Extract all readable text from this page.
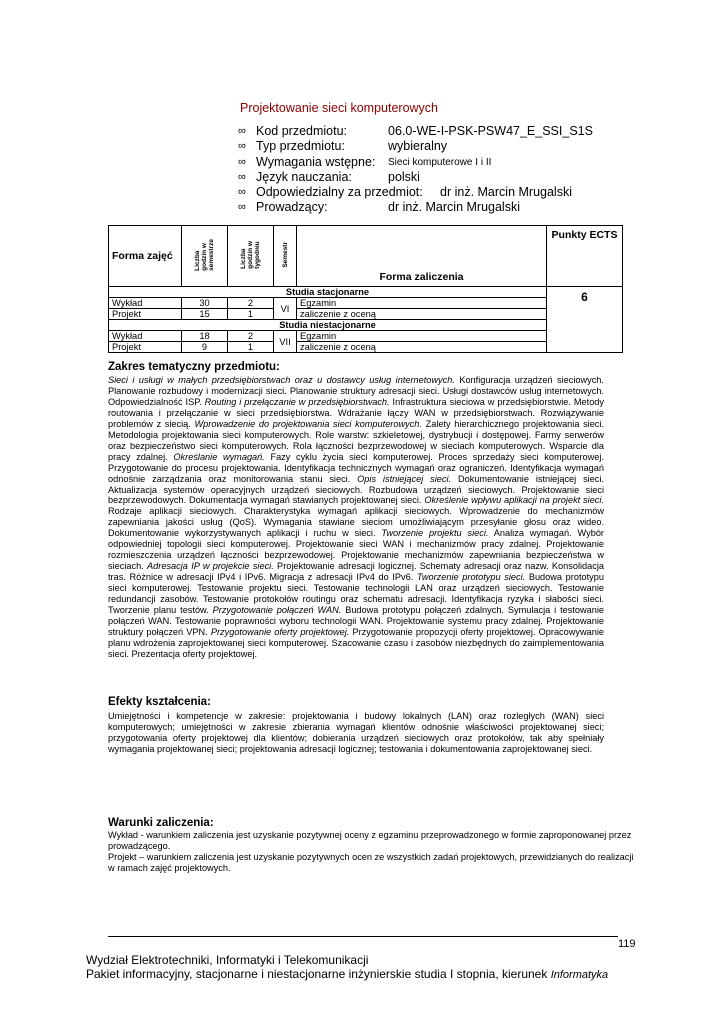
Projektowanie sieci komputerowych
∞ Kod przedmiotu:	06.0-WE-I-PSK-PSW47_E_SSI_S1S
∞ Typ przedmiotu:	wybieralny
∞ Wymagania wstępne: Sieci komputerowe I i II
∞ Język nauczania:	polski
∞ Odpowiedzialny za przedmiot: dr inż. Marcin Mrugalski
∞ Prowadzący:	dr inż. Marcin Mrugalski
Forma zajęć	Liczba
godzin w
semestrze	Liczba
godzin w
tygodniu	Semestr	Forma zaliczenia	Punkty ECTS
Studia stacjonarne					6
Wykład	30	2	VI	Egzamin	
Projekt	15	1		zaliczenie z oceną	
Studia niestacjonarne					
Wykład	18	2	VII	Egzamin	
Projekt	9	1		zaliczenie z oceną	
Zakres tematyczny przedmiotu:
Sieci i usługi w małych przedsiębiorstwach oraz u dostawcy usług internetowych. Konfiguracja urządzeń sieciowych. Planowanie rozbudowy i modernizacji sieci. Planowanie struktury adresacji sieci. Usługi dostawców usług internetowych. Odpowiedzialność ISP. Routing i przełączanie w przedsiębiorstwach. Infrastruktura sieciowa w przedsiębiorstwie. Metody routowania i przełączanie w sieci przedsiębiorstwa. Wdrażanie łączy WAN w przedsiębiorstwach. Rozwiązywanie problemów z siecią. Wprowadzenie do projektowania sieci komputerowych. Zalety hierarchicznego projektowania sieci. Metodologia projektowania sieci komputerowych. Role warstw: szkieletowej, dystrybucji i dostępowej. Farmy serwerów oraz bezpieczeństwo sieci komputerowych. Rola łączności bezprzewodowej w sieciach komputerowych. Wsparcie dla pracy zdalnej. Określanie wymagań. Fazy cyklu życia sieci komputerowej. Proces sprzedaży sieci komputerowej. Przygotowanie do procesu projektowania. Identyfikacja technicznych wymagań oraz ograniczeń. Identyfikacja wymagań odnośnie zarządzania oraz monitorowania stanu sieci. Opis istniejącej sieci. Dokumentowanie istniejącej sieci. Aktualizacja systemów operacyjnych urządzeń sieciowych. Rozbudowa urządzeń sieciowych. Projektowanie sieci bezprzewodowych. Dokumentacja wymagań stawianych projektowanej sieci. Określenie wpływu aplikacji na projekt sieci. Rodzaje aplikacji sieciowych. Charakterystyka wymagań aplikacji sieciowych. Wprowadzenie do mechanizmów zapewniania jakości usług (QoS). Wymagania stawiane sieciom umożliwiającym przesyłanie głosu oraz wideo. Dokumentowanie wykorzystywanych aplikacji i ruchu w sieci. Tworzenie projektu sieci. Analiza wymagań. Wybór odpowiedniej topologii sieci komputerowej. Projektowanie sieci WAN i mechanizmów pracy zdalnej. Projektowanie rozmieszczenia urządzeń łączności bezprzewodowej. Projektowanie mechanizmów zapewniania bezpieczeństwa w sieciach. Adresacja IP w projekcie sieci. Projektowanie adresacji logicznej. Schematy adresacji oraz nazw. Konsolidacja tras. Różnice w adresacji IPv4 i IPv6. Migracja z adresacji IPv4 do IPv6. Tworzenie prototypu sieci. Budowa prototypu sieci komputerowej. Testowanie projektu sieci. Testowanie technologii LAN oraz urządzeń sieciowych. Testowanie redundancji zasobów. Testowanie protokołów routingu oraz schematu adresacji. Identyfikacja ryzyka i słabości sieci. Tworzenie planu testów. Przygotowanie połączeń WAN. Budowa prototypu połączeń zdalnych. Symulacja i testowanie połączeń WAN. Testowanie poprawności wyboru technologii WAN. Projektowanie systemu pracy zdalnej. Projektowanie struktury połączeń VPN. Przygotowanie oferty projektowej. Przygotowanie propozycji oferty projektowej. Opracowywanie planu wdrożenia zaprojektowanej sieci komputerowej. Szacowanie czasu i zasobów niezbędnych do zaimplementowania sieci. Prezentacja oferty projektowej.
Efekty kształcenia:
Umiejętności i kompetencje w zakresie: projektowania i budowy lokalnych (LAN) oraz rozległych (WAN) sieci komputerowych; umiejętności w zakresie zbierania wymagań klientów odnośnie właściwości projektowanej sieci; przygotowania oferty projektowej dla klientów; dobierania urządzeń sieciowych oraz protokołów, tak aby spełniały wymagania projektowanej sieci; projektowania adresacji logicznej; testowania i dokumentowania zaprojektowanej sieci.
Warunki zaliczenia:
Wykład - warunkiem zaliczenia jest uzyskanie pozytywnej oceny z egzaminu przeprowadzonego w formie zaproponowanej przez prowadzącego.
Projekt – warunkiem zaliczenia jest uzyskanie pozytywnych ocen ze wszystkich zadań projektowych, przewidzianych do realizacji w ramach zajęć projektowych.
119
Wydział Elektrotechniki, Informatyki i Telekomunikacji
Pakiet informacyjny, stacjonarne i niestacjonarne inżynierskie studia I stopnia, kierunek Informatyka
